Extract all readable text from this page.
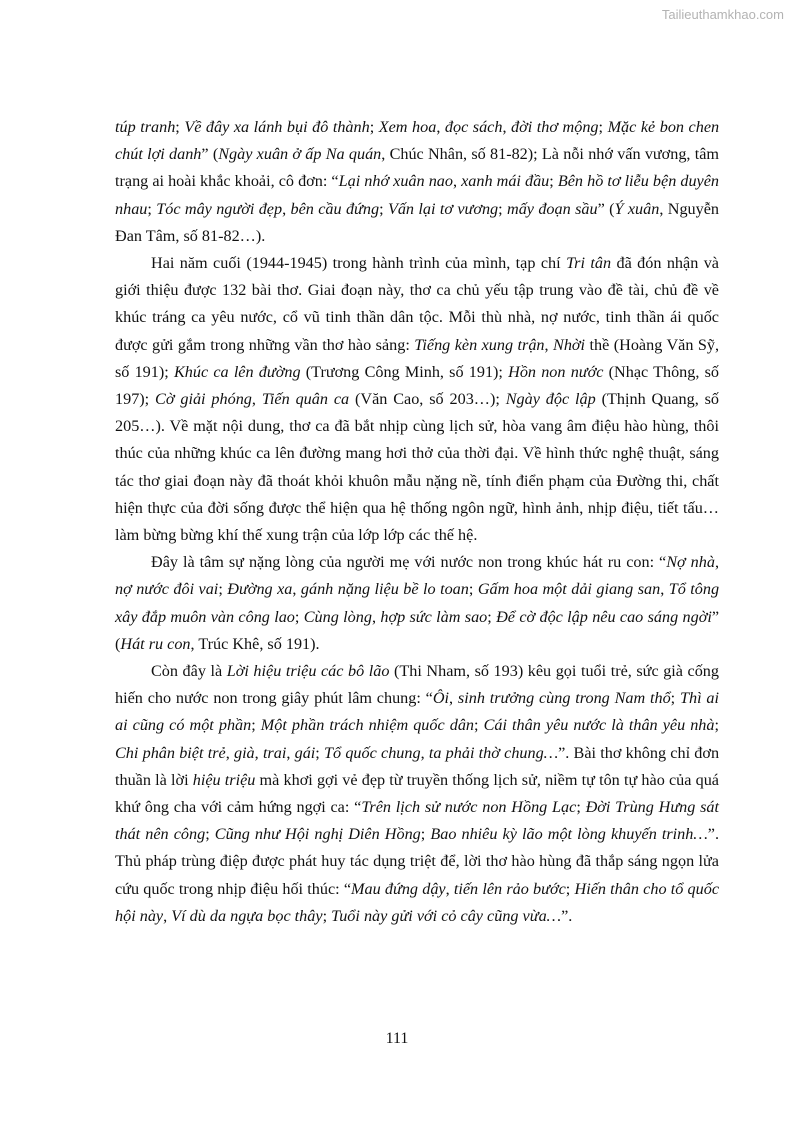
Tailieuthamkhao.com

túp tranh; Về đây xa lánh bụi đô thành; Xem hoa, đọc sách, đời thơ mộng; Mặc kẻ bon chen chút lợi danh” (Ngày xuân ở ấp Na quán, Chúc Nhân, số 81-82); Là nỗi nhớ vấn vương, tâm trạng ai hoài khắc khoải, cô đơn: “Lại nhớ xuân nao, xanh mái đầu; Bên hồ tơ liễu bện duyên nhau; Tóc mây người đẹp, bên cầu đứng; Vấn lại tơ vương; mấy đoạn sầu” (Ý xuân, Nguyễn Đan Tâm, số 81-82…).

Hai năm cuối (1944-1945) trong hành trình của mình, tạp chí Tri tân đã đón nhận và giới thiệu được 132 bài thơ. Giai đoạn này, thơ ca chủ yếu tập trung vào đề tài, chủ đề về khúc tráng ca yêu nước, cổ vũ tinh thần dân tộc. Mỗi thù nhà, nợ nước, tinh thần ái quốc được gửi gắm trong những vần thơ hào sảng: Tiếng kèn xung trận, Nhời thề (Hoàng Văn Sỹ, số 191); Khúc ca lên đường (Trương Công Minh, số 191); Hồn non nước (Nhạc Thông, số 197); Cờ giải phóng, Tiến quân ca (Văn Cao, số 203…); Ngày độc lập (Thịnh Quang, số 205…). Về mặt nội dung, thơ ca đã bắt nhịp cùng lịch sử, hòa vang âm điệu hào hùng, thôi thúc của những khúc ca lên đường mang hơi thở của thời đại. Về hình thức nghệ thuật, sáng tác thơ giai đoạn này đã thoát khỏi khuôn mẫu nặng nề, tính điển phạm của Đường thi, chất hiện thực của đời sống được thể hiện qua hệ thống ngôn ngữ, hình ảnh, nhịp điệu, tiết tấu… làm bừng bừng khí thế xung trận của lớp lớp các thế hệ.

Đây là tâm sự nặng lòng của người mẹ với nước non trong khúc hát ru con: “Nợ nhà, nợ nước đôi vai; Đường xa, gánh nặng liệu bề lo toan; Gấm hoa một dải giang san, Tổ tông xây đắp muôn vàn công lao; Cùng lòng, hợp sức làm sao; Để cờ độc lập nêu cao sáng ngời” (Hát ru con, Trúc Khê, số 191).

Còn đây là Lời hiệu triệu các bô lão (Thi Nham, số 193) kêu gọi tuổi trẻ, sức già cống hiến cho nước non trong giây phút lâm chung: “Ôi, sinh trưởng cùng trong Nam thổ; Thì ai ai cũng có một phần; Một phần trách nhiệm quốc dân; Cái thân yêu nước là thân yêu nhà; Chi phân biệt trẻ, già, trai, gái; Tổ quốc chung, ta phải thờ chung…”. Bài thơ không chỉ đơn thuần là lời hiệu triệu mà khơi gợi vẻ đẹp từ truyền thống lịch sử, niềm tự tôn tự hào của quá khứ ông cha với cảm hứng ngợi ca: “Trên lịch sử nước non Hồng Lạc; Đời Trùng Hưng sát thát nên công; Cũng như Hội nghị Diên Hồng; Bao nhiêu kỳ lão một lòng khuyến trinh…”. Thủ pháp trùng điệp được phát huy tác dụng triệt để, lời thơ hào hùng đã thắp sáng ngọn lửa cứu quốc trong nhịp điệu hối thúc: “Mau đứng dậy, tiến lên rảo bước; Hiến thân cho tổ quốc hội này, Ví dù da ngựa bọc thây; Tuổi này gửi với cỏ cây cũng vừa…”.

111
